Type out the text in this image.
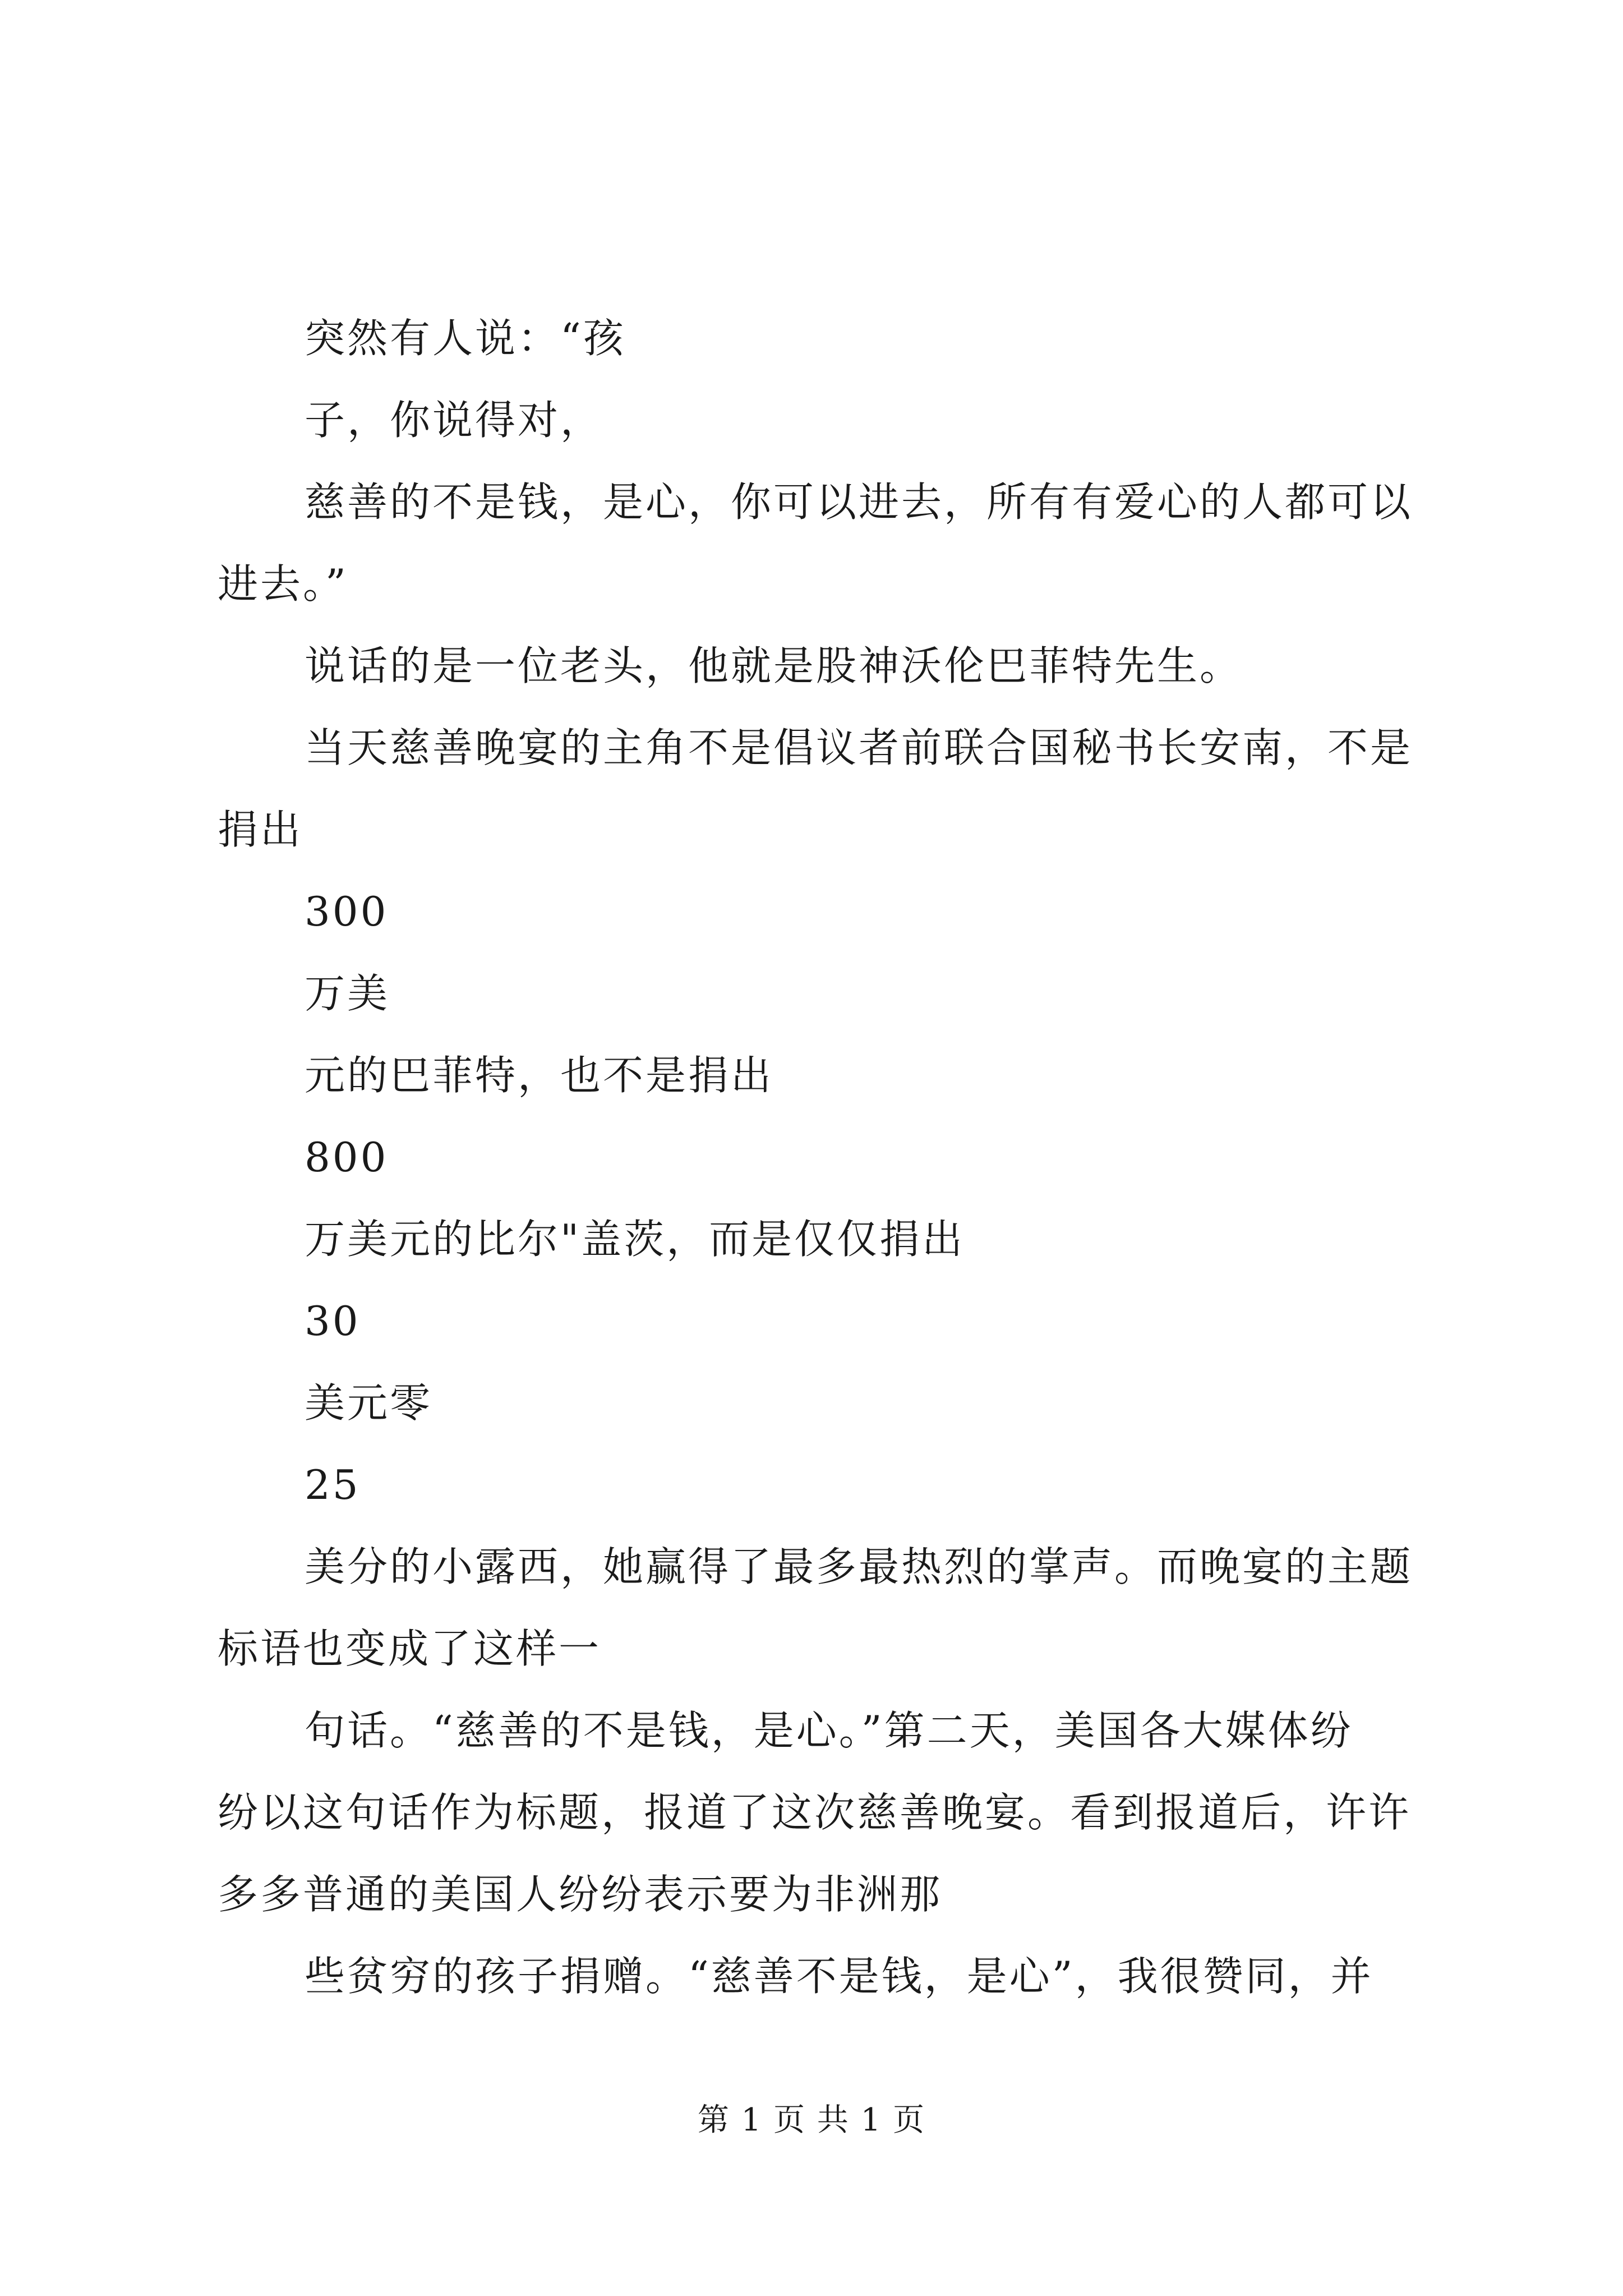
突然有人说：“孩
子，你说得对，
慈善的不是钱，是心，你可以进去，所有有爱心的人都可以
进去。”
说话的是一位老头，他就是股神沃伦巴菲特先生。
当天慈善晚宴的主角不是倡议者前联合国秘书长安南，不是
捐出
300
万美
元的巴菲特，也不是捐出
800
万美元的比尔"盖茨，而是仅仅捐出
30
美元零
25
美分的小露西，她赢得了最多最热烈的掌声。而晚宴的主题
标语也变成了这样一
句话。“慈善的不是钱，是心。”第二天，美国各大媒体纷
纷以这句话作为标题，报道了这次慈善晚宴。看到报道后，许许
多多普通的美国人纷纷表示要为非洲那
些贫穷的孩子捐赠。“慈善不是钱，是心”，我很赞同，并
第 1 页 共 1 页
